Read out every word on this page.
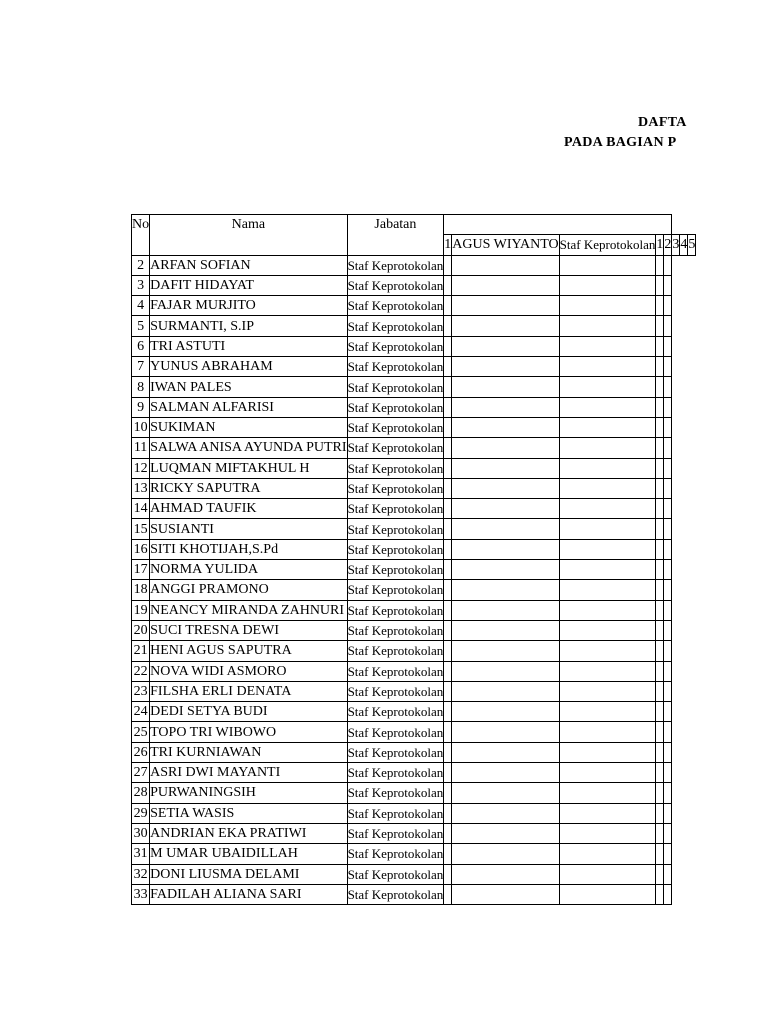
DAFTA
PADA BAGIAN P
No	Nama	Jabatan								
			1	AGUS WIYANTO	Staf Keprotokolan	1	2	3	4	5
2	ARFAN SOFIAN	Staf Keprotokolan								
3	DAFIT HIDAYAT	Staf Keprotokolan								
4	FAJAR MURJITO	Staf Keprotokolan								
5	SURMANTI, S.IP	Staf Keprotokolan								
6	TRI ASTUTI	Staf Keprotokolan								
7	YUNUS ABRAHAM	Staf Keprotokolan								
8	IWAN PALES	Staf Keprotokolan								
9	SALMAN ALFARISI	Staf Keprotokolan								
10	SUKIMAN	Staf Keprotokolan								
11	SALWA ANISA AYUNDA PUTRI	Staf Keprotokolan								
12	LUQMAN MIFTAKHUL H	Staf Keprotokolan								
13	RICKY SAPUTRA	Staf Keprotokolan								
14	AHMAD TAUFIK	Staf Keprotokolan								
15	SUSIANTI	Staf Keprotokolan								
16	SITI KHOTIJAH,S.Pd	Staf Keprotokolan								
17	NORMA YULIDA	Staf Keprotokolan								
18	ANGGI PRAMONO	Staf Keprotokolan								
19	NEANCY MIRANDA ZAHNURI	Staf Keprotokolan								
20	SUCI TRESNA DEWI	Staf Keprotokolan								
21	HENI AGUS SAPUTRA	Staf Keprotokolan								
22	NOVA WIDI ASMORO	Staf Keprotokolan								
23	FILSHA ERLI DENATA	Staf Keprotokolan								
24	DEDI SETYA BUDI	Staf Keprotokolan								
25	TOPO TRI WIBOWO	Staf Keprotokolan								
26	TRI KURNIAWAN	Staf Keprotokolan								
27	ASRI DWI MAYANTI	Staf Keprotokolan								
28	PURWANINGSIH	Staf Keprotokolan								
29	SETIA WASIS	Staf Keprotokolan								
30	ANDRIAN EKA PRATIWI	Staf Keprotokolan								
31	M UMAR UBAIDILLAH	Staf Keprotokolan								
32	DONI LIUSMA DELAMI	Staf Keprotokolan								
33	FADILAH ALIANA SARI	Staf Keprotokolan								
